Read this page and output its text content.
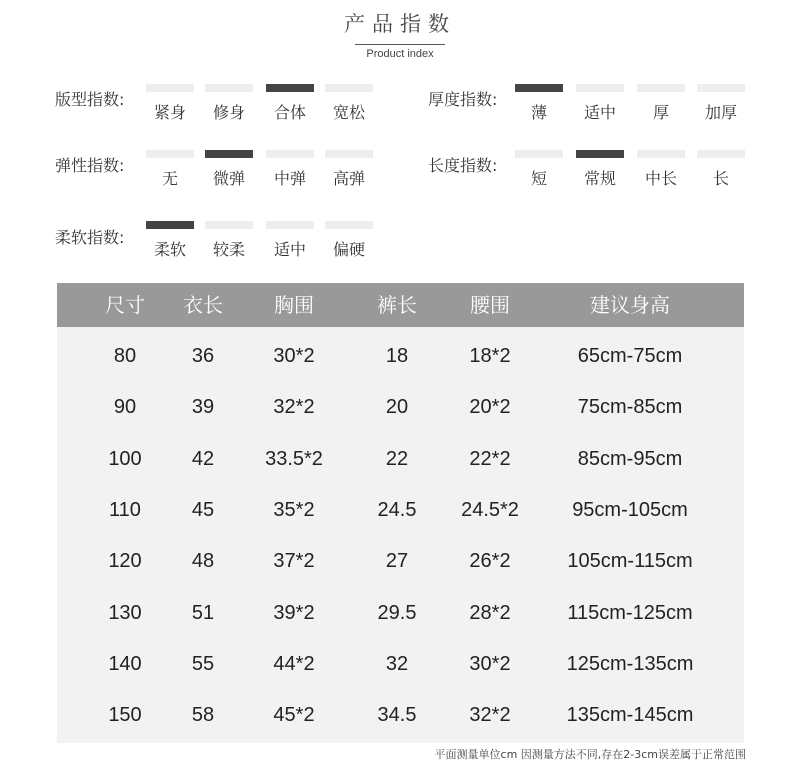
产品指数
Product index
版型指数:
紧身	修身	合体	宽松
厚度指数:
薄	适中	厚	加厚
弹性指数:
无	微弹	中弹	高弹
长度指数:
短	常规	中长	长
柔软指数:
柔软	较柔	适中	偏硬
尺寸	衣长	胸围	裤长	腰围	建议身高
80	36	30*2	18	18*2	65cm-75cm
90	39	32*2	20	20*2	75cm-85cm
100	42	33.5*2	22	22*2	85cm-95cm
110	45	35*2	24.5	24.5*2	95cm-105cm
120	48	37*2	27	26*2	105cm-115cm
130	51	39*2	29.5	28*2	115cm-125cm
140	55	44*2	32	30*2	125cm-135cm
150	58	45*2	34.5	32*2	135cm-145cm
平面测量单位cm 因测量方法不同,存在2-3cm误差属于正常范围
